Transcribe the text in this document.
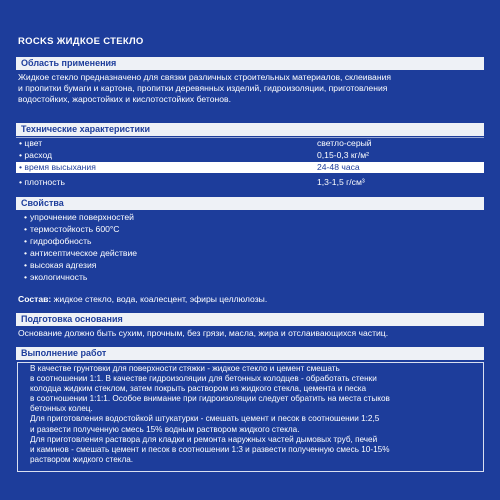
ROCKS ЖИДКОЕ СТЕКЛО
Область применения
Жидкое стекло предназначено для связки различных строительных материалов, склеивания
и пропитки бумаги и картона, пропитки деревянных изделий, гидроизоляции, приготовления
водостойких, жаростойких и кислотостойких бетонов.
Технические характеристики
• цвет	светло-серый
• расход	0,15-0,3 кг/м²
• время высыхания	24-48 часа
• плотность	1,3-1,5 г/см³
Свойства
• упрочнение поверхностей
• термостойкость 600°С
• гидрофобность
• антисептическое действие
• высокая адгезия
• экологичность
Состав: жидкое стекло, вода, коалесцент, эфиры целлюлозы.
Подготовка основания
Основание должно быть сухим, прочным, без грязи, масла, жира и отслаивающихся частиц.
Выполнение работ
В качестве грунтовки для поверхности стяжки - жидкое стекло и цемент смешать
в соотношении 1:1. В качестве гидроизоляции для бетонных колодцев - обработать стенки
колодца жидким стеклом, затем покрыть раствором из жидкого стекла, цемента и песка
в соотношении 1:1:1. Особое внимание при гидроизоляции следует обратить на места стыков
бетонных колец.
Для приготовления водостойкой штукатурки - смешать цемент и песок в соотношении 1:2,5
и развести полученную смесь 15% водным раствором жидкого стекла.
Для приготовления раствора для кладки и ремонта наружных частей дымовых труб, печей
и каминов - смешать цемент и песок в соотношении 1:3 и развести полученную смесь 10-15%
раствором жидкого стекла.
